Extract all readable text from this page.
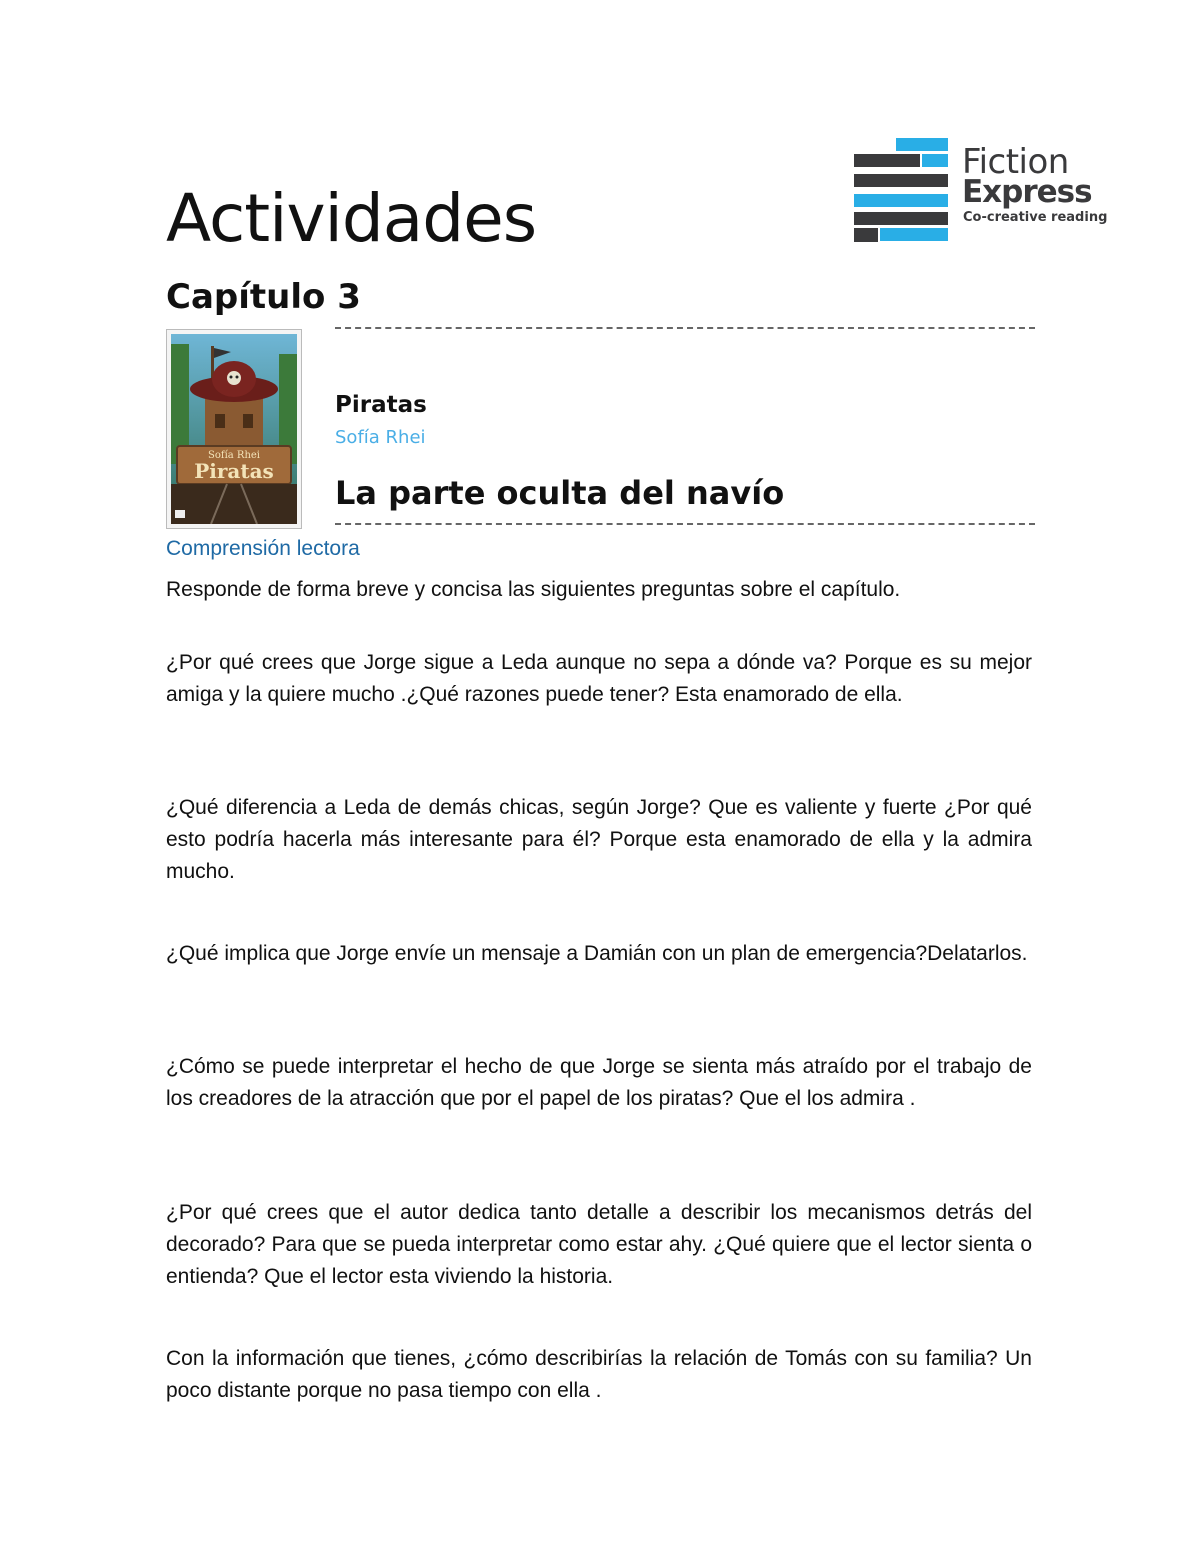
Fiction
Express
Co-creative reading
Actividades
Capítulo 3
Sofía Rhei
Piratas
Piratas
Sofía Rhei
La parte oculta del navío
Comprensión lectora

Responde de forma breve y concisa las siguientes preguntas sobre el capítulo.

¿Por qué crees que Jorge sigue a Leda aunque no sepa a dónde va? Porque es su mejor amiga y la quiere mucho .¿Qué razones puede tener? Esta enamorado de ella.

¿Qué diferencia a Leda de demás chicas, según Jorge? Que es valiente y fuerte ¿Por qué esto podría hacerla más interesante para él? Porque esta enamorado de ella y la admira mucho.

¿Qué implica que Jorge envíe un mensaje a Damián con un plan de emergencia?Delatarlos.

¿Cómo se puede interpretar el hecho de que Jorge se sienta más atraído por el trabajo de los creadores de la atracción que por el papel de los piratas? Que el los admira .

¿Por qué crees que el autor dedica tanto detalle a describir los mecanismos detrás del decorado? Para que se pueda interpretar como estar ahy. ¿Qué quiere que el lector sienta o entienda? Que el lector esta viviendo la historia.

Con la información que tienes, ¿cómo describirías la relación de Tomás con su familia? Un poco distante porque no pasa tiempo con ella .
